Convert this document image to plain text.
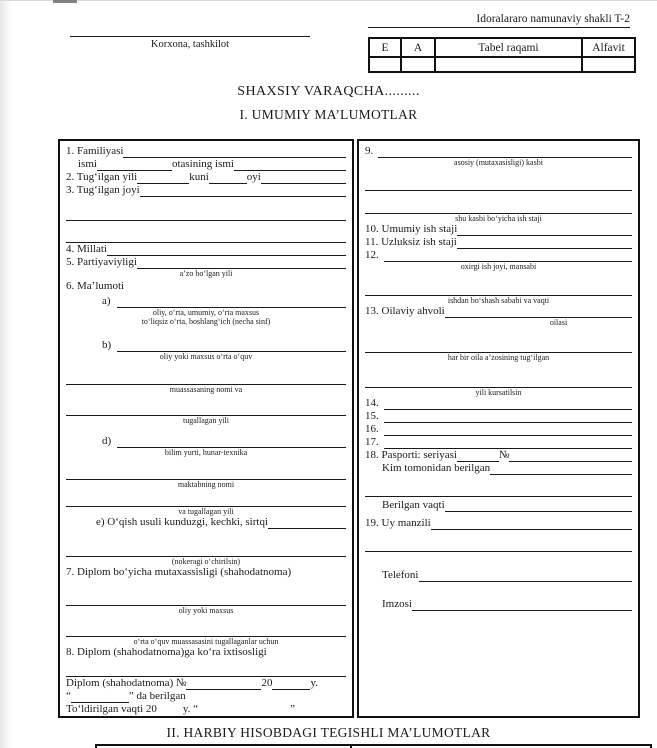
Korxona, tashkilot
Idoralararo namunaviy shakli T-2
E	A	Tabel raqami	Alfavit

SHAXSIY VARAQCHA.........
I. UMUMIY MA’LUMOTLAR
1. Familiyasi
ismi	otasining ismi
2. Tug‘ilgan yili	kuni	oyi
3. Tug‘ilgan joyi
4. Millati
5. Partiyaviyligi
a’zo bo‘lgan yili
6. Ma’lumoti
a)
oliy, o‘rta, umumiy, o‘rta maxsus
to‘liqsiz o‘rta, boshlang‘ich (necha sinf)
b)
oliy yoki maxsus o‘rta o‘quv
muassasaning nomi va
tugallagan yili
d)
bilim yurti, hunar-texnika
maktabning nomi
va tugallagan yili
e) O‘qish usuli kunduzgi, kechki, sirtqi
(nokeragi o‘chirilsin)
7. Diplom bo‘yicha mutaxassisligi (shahodatnoma)
oliy yoki maxsus
o‘rta o‘quv muassasasini tugallaganlar uchun
8. Diplom (shahodatnoma)ga ko‘ra ixtisosligi
Diplom (shahodatnoma) №	20	y.
“	” da berilgan
To‘ldirilgan vaqti 20 y. “	”
9.
asosiy (mutaxasisligi) kasbi
shu kasbi bo‘yicha ish staji
10. Umumiy ish staji
11. Uzluksiz ish staji
12.
oxirgi ish joyi, mansabi
ishdan bo‘shash sababi va vaqti
13. Oilaviy ahvoli
oilasi
har bir oila a’zosining tug‘ilgan
yili kursatilsin
14.
15.
16.
17.
18. Pasporti: seriyasi	№
Kim tomonidan berilgan
Berilgan vaqti
19. Uy manzili
Telefoni
Imzosi
II. HARBIY HISOBDAGI TEGISHLI MA’LUMOTLAR
